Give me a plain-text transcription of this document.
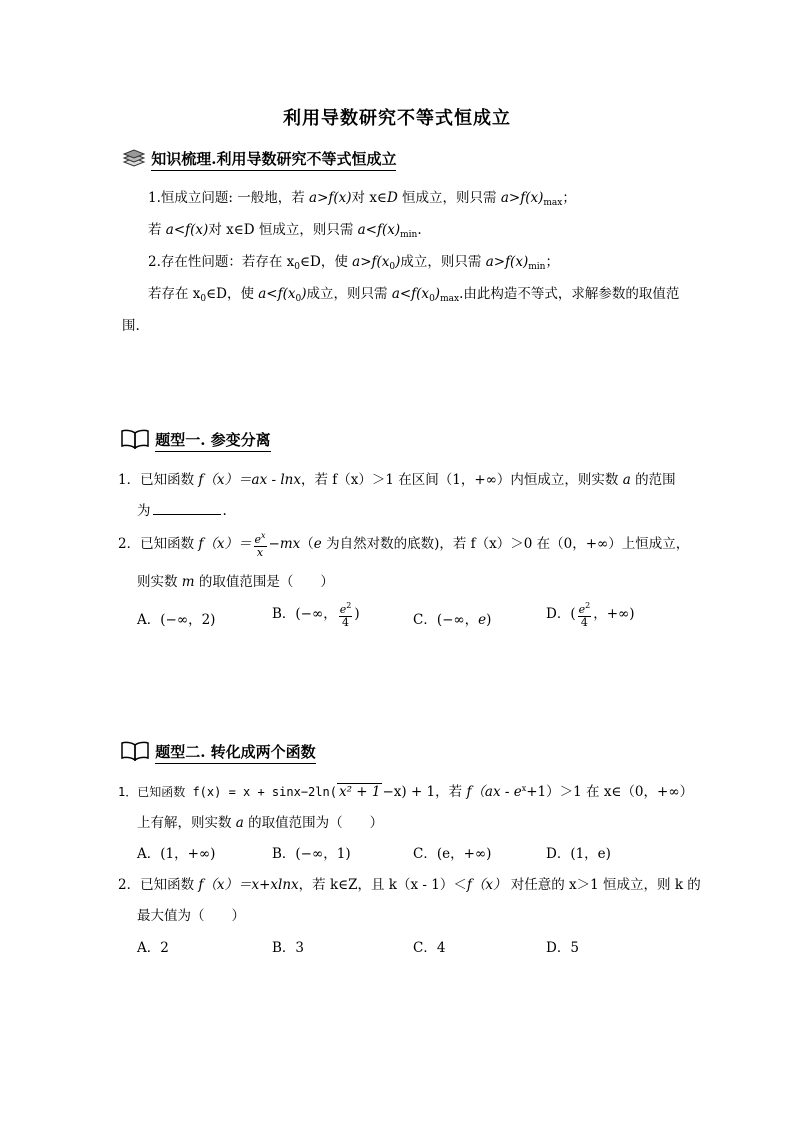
利用导数研究不等式恒成立
知识梳理.利用导数研究不等式恒成立
1.恒成立问题: 一般地，若 a>f(x)对 x∈D 恒成立，则只需 $a>f(x)_{max}$；
若 a<f(x)对 x∈D 恒成立，则只需 $a<f(x)_{min}$.
2.存在性问题：若存在 $x_0\in D$，使 $a>f(x_0)$成立，则只需 $a>f(x)_{min}$；
若存在 $x_0\in D$，使 $a<f(x_0)$成立，则只需 $a<f(x_0)_{max}$.由此构造不等式，求解参数的取值范
围.
题型一. 参变分离
1．已知函数 f（x）＝ax - lnx，若 f（x）＞1 在区间（1，+∞）内恒成立，则实数 a 的范围
为	.
2．已知函数 $f(x)= \frac{e^x}{x} -mx(e$ 为自然对数的底数)，若 f（x）＞0 在（0，+∞）上恒成立，
则实数 m 的取值范围是（　　）
A．(−∞，2)	B．(−∞， $\frac{e^2}{4}$ )	C．(−∞，e)	D．( $\frac{e^2}{4}$ ，+∞)
题型二. 转化成两个函数
1．已知函数 f(x) = x + sinx−2ln( x² + 1 −x) + 1，若 $f(ax - e^x+1)>1$ 在 x∈（0，+∞）
上有解，则实数 a 的取值范围为（　　）
A．(1，+∞)	B．(−∞，1)	C．(e，+∞)	D．(1，e)
2．已知函数 f（x）＝x+xlnx，若 k∈Z，且 k（x - 1）＜f（x） 对任意的 x＞1 恒成立，则 k 的
最大值为（　　）
A．2	B．3	C．4	D．5
